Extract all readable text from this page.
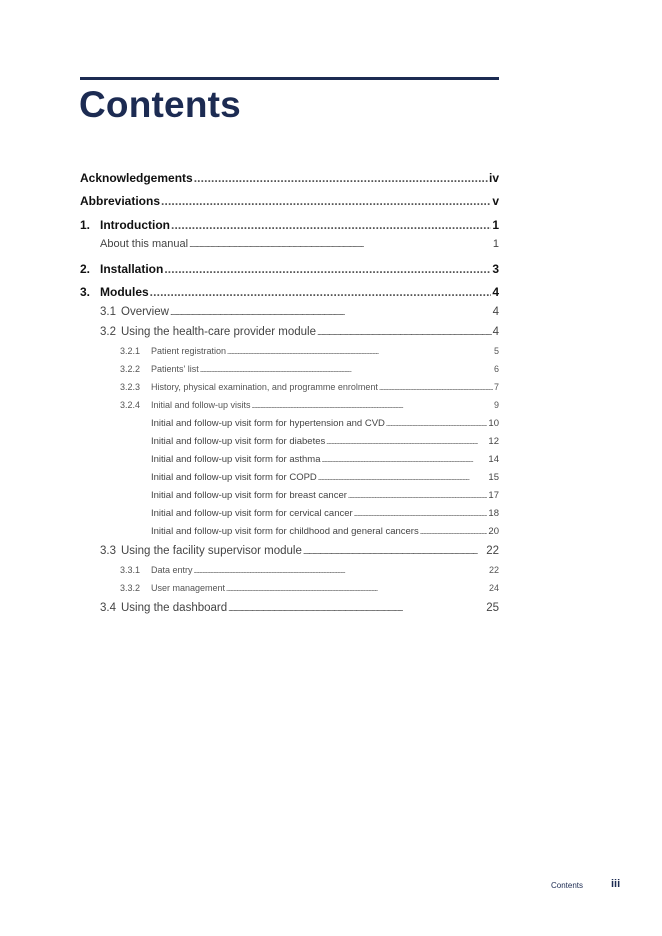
Contents
Acknowledgements . . .	iv
Abbreviations . . .	v
1. Introduction . . .	1
About this manual . . .	1
2. Installation . . .	3
3. Modules . . .	4
3.1 Overview . . .	4
3.2 Using the health-care provider module . . .	4
3.2.1	Patient registration . . .	5
3.2.2	Patients' list . . .	6
3.2.3	History, physical examination, and programme enrolment . . .	7
3.2.4	Initial and follow-up visits . . .	9
Initial and follow-up visit form for hypertension and CVD . . .	10
Initial and follow-up visit form for diabetes . . .	12
Initial and follow-up visit form for asthma . . .	14
Initial and follow-up visit form for COPD . . .	15
Initial and follow-up visit form for breast cancer . . .	17
Initial and follow-up visit form for cervical cancer . . .	18
Initial and follow-up visit form for childhood and general cancers . . .	20
3.3 Using the facility supervisor module . . .	22
3.3.1	Data entry . . .	22
3.3.2	User management . . .	24
3.4 Using the dashboard . . .	25
Contents	iii
